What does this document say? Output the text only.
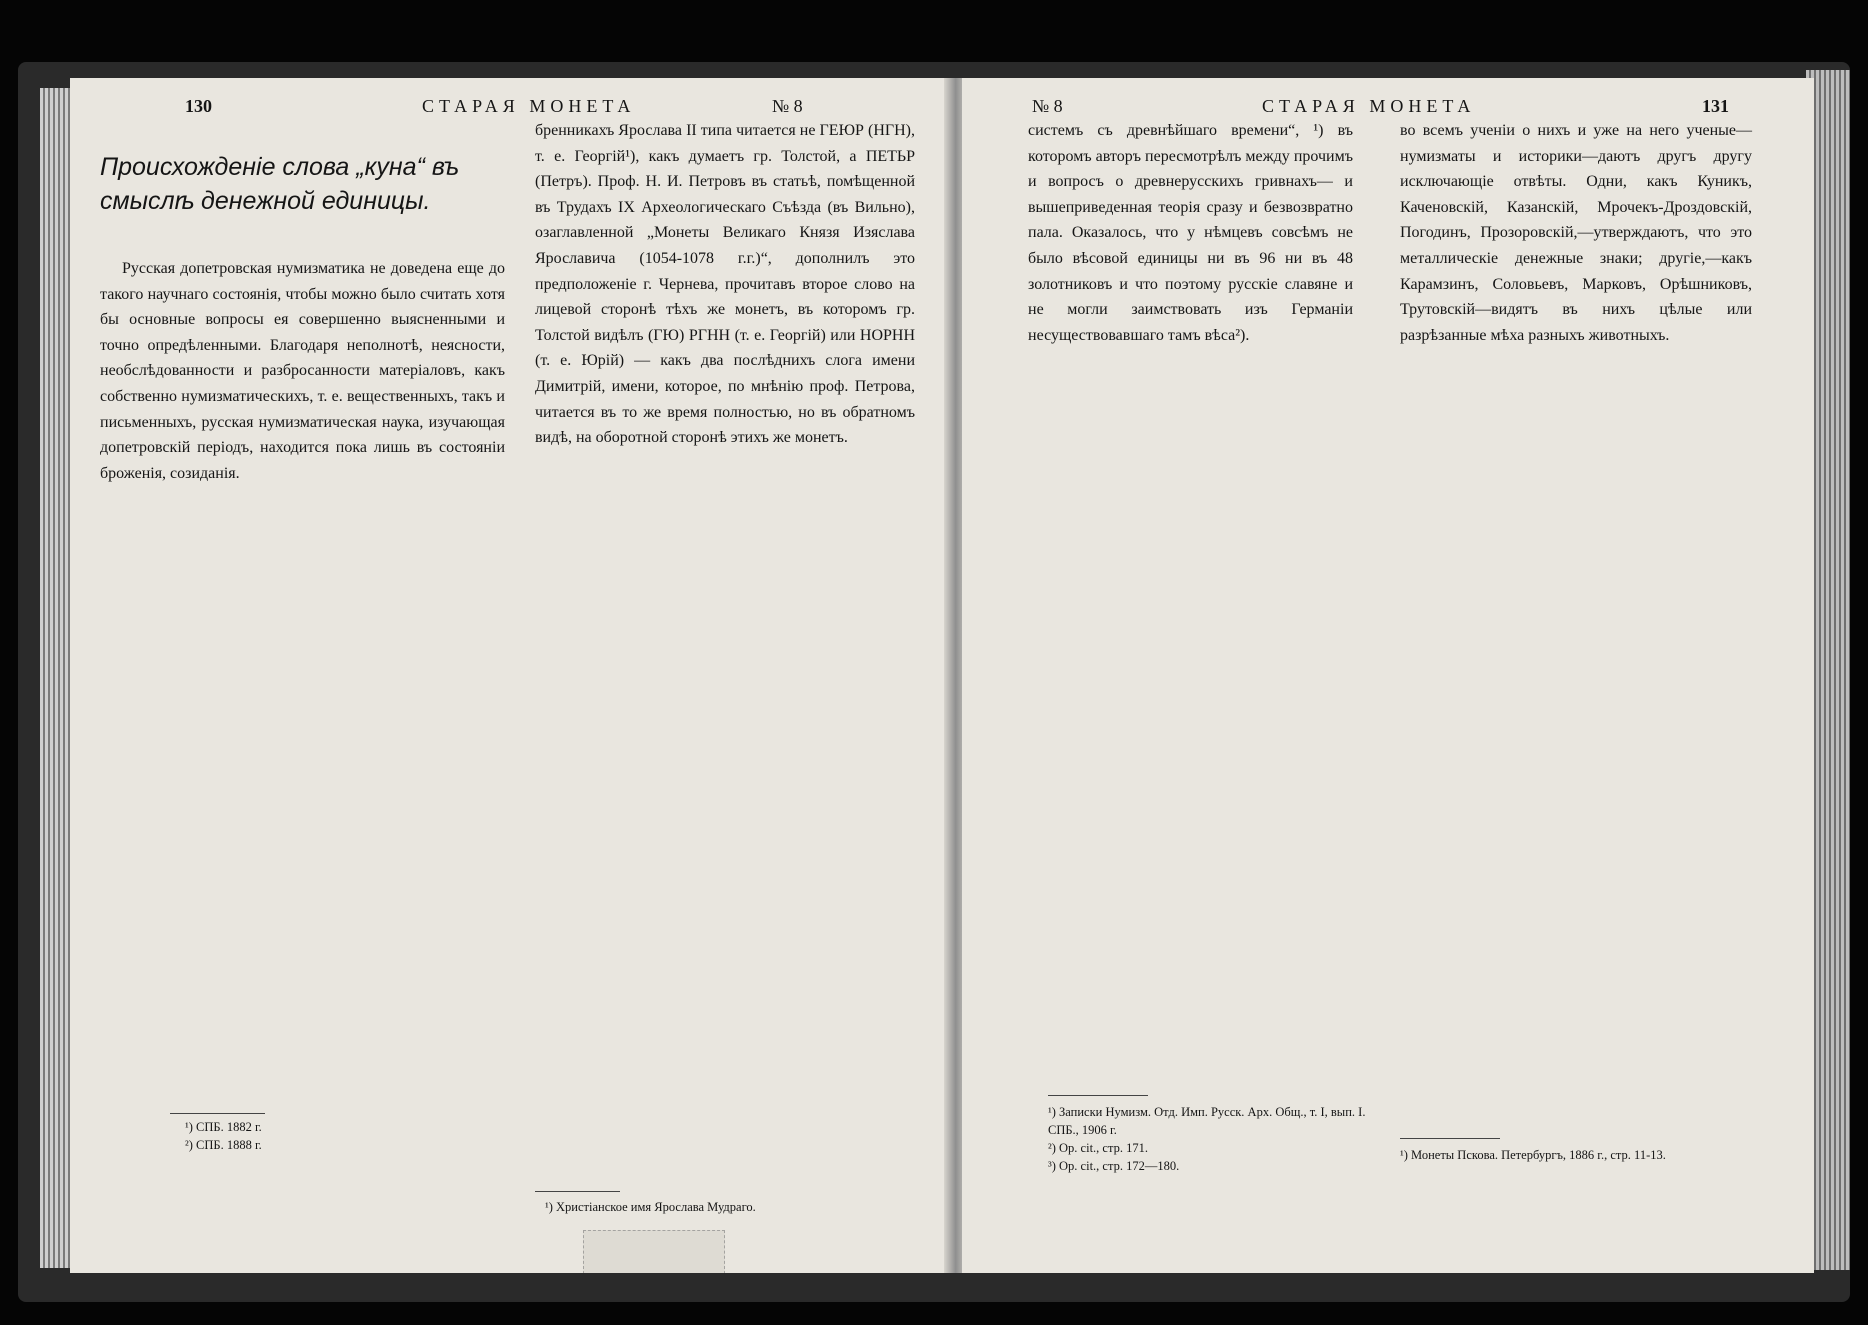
130	СТАРАЯ МОНЕТА	№ 8
Происхожденіе слова „куна“ въ смыслѣ денежной единицы.

Русская допетровская нумизматика не доведена еще до такого научнаго состоянія, чтобы можно было считать хотя бы основные вопросы ея совершенно выясненными и точно опредѣленными. Благодаря неполнотѣ, неясности, необслѣдованности и разбросанности матеріаловъ, какъ собственно нумизматическихъ, т. е. вещественныхъ, такъ и письменныхъ, русская нумизматическая наука, изучающая допетровскій періодъ, находится пока лишь въ состояніи броженія, созиданія.

бренникахъ Ярослава II типа читается не ГЕЮР (НГН), т. е. Георгій¹), какъ думаетъ гр. Толстой, а ПЕТЬР (Петръ). Проф. Н. И. Петровъ въ статьѣ, помѣщенной въ Трудахъ IX Археологическаго Съѣзда (въ Вильно), озаглавленной „Монеты Великаго Князя Изяслава Ярославича (1054-1078 г.г.)“, дополнилъ это предположеніе г. Чернева, прочитавъ второе слово на лицевой сторонѣ тѣхъ же монетъ, въ которомъ гр. Толстой видѣлъ (ГЮ) РГНН (т. е. Георгій) или НОРНН (т. е. Юрій) — какъ два послѣднихъ слога имени Димитрій, имени, которое, по мнѣнію проф. Петрова, читается въ то же время полностью, но въ обратномъ видѣ, на оборотной сторонѣ этихъ же монетъ.

¹) СПБ. 1882 г.
²) СПБ. 1888 г.
¹) Христіанское имя Ярослава Мудраго.
№ 8	СТАРАЯ МОНЕТА	131

системъ съ древнѣйшаго времени“, ¹) въ которомъ авторъ пересмотрѣлъ между прочимъ и вопросъ о древнерусскихъ гривнахъ— и вышеприведенная теорія сразу и безвозвратно пала. Оказалось, что у нѣмцевъ совсѣмъ не было вѣсовой единицы ни въ 96 ни въ 48 золотниковъ и что поэтому русскіе славяне и не могли заимствовать изъ Германіи несуществовавшаго тамъ вѣса²).

во всемъ ученіи о нихъ и уже на него ученые—нумизматы и историки—даютъ другъ другу исключающіе отвѣты. Одни, какъ Куникъ, Каченовскій, Казанскій, Мрочекъ-Дроздовскій, Погодинъ, Прозоровскій,—утверждаютъ, что это металлическіе денежные знаки; другіе,—какъ Карамзинъ, Соловьевъ, Марковъ, Орѣшниковъ, Трутовскій—видятъ въ нихъ цѣлые или разрѣзанные мѣха разныхъ животныхъ.

¹) Записки Нумизм. Отд. Имп. Русск. Арх. Общ., т. I, вып. I. СПБ., 1906 г.
²) Op. cit., стр. 171.
³) Op. cit., стр. 172—180.
¹) Монеты Пскова. Петербургъ, 1886 г., стр. 11-13.
